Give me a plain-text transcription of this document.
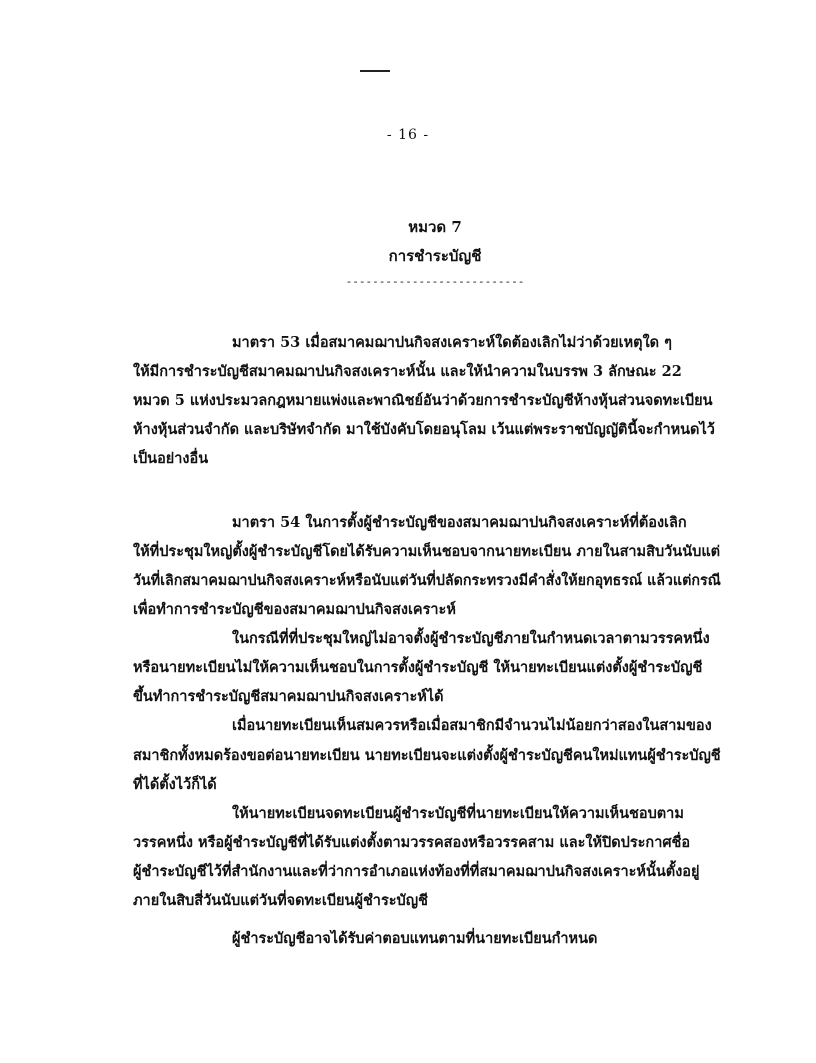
- 16 -
หมวด 7
การชำระบัญชี
---------------------------
มาตรา 53 เมื่อสมาคมฌาปนกิจสงเคราะห์ใดต้องเลิกไม่ว่าด้วยเหตุใด ๆ
ให้มีการชำระบัญชีสมาคมฌาปนกิจสงเคราะห์นั้น และให้นำความในบรรพ 3 ลักษณะ 22
หมวด 5 แห่งประมวลกฎหมายแพ่งและพาณิชย์อันว่าด้วยการชำระบัญชีห้างหุ้นส่วนจดทะเบียน
ห้างหุ้นส่วนจำกัด และบริษัทจำกัด มาใช้บังคับโดยอนุโลม เว้นแต่พระราชบัญญัตินี้จะกำหนดไว้
เป็นอย่างอื่น
มาตรา 54 ในการตั้งผู้ชำระบัญชีของสมาคมฌาปนกิจสงเคราะห์ที่ต้องเลิก
ให้ที่ประชุมใหญ่ตั้งผู้ชำระบัญชีโดยได้รับความเห็นชอบจากนายทะเบียน ภายในสามสิบวันนับแต่
วันที่เลิกสมาคมฌาปนกิจสงเคราะห์หรือนับแต่วันที่ปลัดกระทรวงมีคำสั่งให้ยกอุทธรณ์ แล้วแต่กรณี
เพื่อทำการชำระบัญชีของสมาคมฌาปนกิจสงเคราะห์
ในกรณีที่ที่ประชุมใหญ่ไม่อาจตั้งผู้ชำระบัญชีภายในกำหนดเวลาตามวรรคหนึ่ง
หรือนายทะเบียนไม่ให้ความเห็นชอบในการตั้งผู้ชำระบัญชี ให้นายทะเบียนแต่งตั้งผู้ชำระบัญชี
ขึ้นทำการชำระบัญชีสมาคมฌาปนกิจสงเคราะห์ได้
เมื่อนายทะเบียนเห็นสมควรหรือเมื่อสมาชิกมีจำนวนไม่น้อยกว่าสองในสามของ
สมาชิกทั้งหมดร้องขอต่อนายทะเบียน นายทะเบียนจะแต่งตั้งผู้ชำระบัญชีคนใหม่แทนผู้ชำระบัญชี
ที่ได้ตั้งไว้ก็ได้
ให้นายทะเบียนจดทะเบียนผู้ชำระบัญชีที่นายทะเบียนให้ความเห็นชอบตาม
วรรคหนึ่ง หรือผู้ชำระบัญชีที่ได้รับแต่งตั้งตามวรรคสองหรือวรรคสาม และให้ปิดประกาศชื่อ
ผู้ชำระบัญชีไว้ที่สำนักงานและที่ว่าการอำเภอแห่งท้องที่ที่สมาคมฌาปนกิจสงเคราะห์นั้นตั้งอยู่
ภายในสิบสี่วันนับแต่วันที่จดทะเบียนผู้ชำระบัญชี
ผู้ชำระบัญชีอาจได้รับค่าตอบแทนตามที่นายทะเบียนกำหนด
